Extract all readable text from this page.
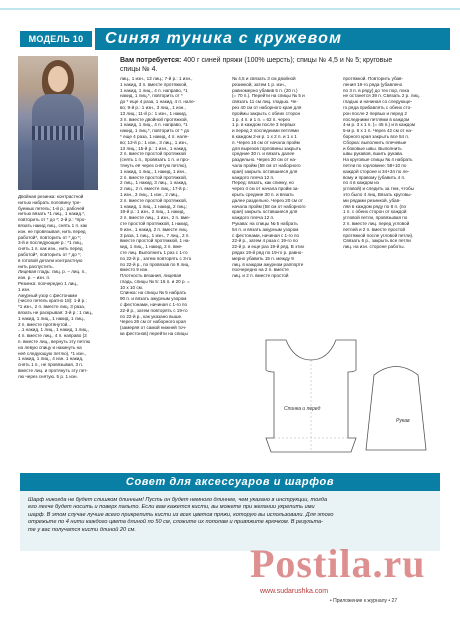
МОДЕЛЬ 10	Синяя туника с кружевом
Вам потребуется: 400 г синей пряжи (100% шерсть); спицы № 4,5 и № 5; круговые
спицы № 4.
Двойная резинка: контрастной
нитью набрать половину тре-
буемых петель; 1-й р.: рабочей
нитью вязать *1 лиц., 1 накид.*,
повторить от * до *; 2-й р.: *про-
вязать накид лиц., снять 1 п. как
изн. не провязывая, нить перед
работой*, повторить от * до *;
3-й и последующие р.: *1 лиц.,
снять 1 п. как изн., нить перед
работой*, повторить от * до *;
в готовой детали контрастную
нить распустить.
Лицевая гладь: лиц. р. – лиц. п.,
изн. р. – изн. п.
Резинка: поочередно 1 лиц.,
1 изн.
Ажурный узор с фестонами
(число петель кратно 18): 1-й р.:
*1 изн., 2 п. вместе лиц. 3 раза,
вязать не раскрывая: 3-й р.: 1 лиц.,
1 накид, 1 лиц., 1 накид, 1 лиц.,
2 п. вместе протянутой...
...1 накид, 1 лиц., 1 накид, 1 лиц.,
4 п. вместе лиц., 4 п. направо (3
п. вместе лиц., вернуть эту петлю
на левую спицу и накинуть на
неё следующую петлю), *1 изн.,
1 накид, 1 лиц., 4 изн. 1 накид,
снять 1 п., не провязывая, 3 п.
вместе лиц. и протянуть эту пет-
лю через снятую. 5 р. 1 изн.
лиц., 1 изн., 13 лиц.; 7-й р.: 1 изн.,
1 накид, 3 п. вместе протяжкой,
1 накид, 1 лиц., 4 п. направо, *1
накид, 1 лиц.*, повторить от *
до * еще 4 раза, 1 накид, 4 п. нале-
во; 9-й р.: 1 изн., 3 лиц., 1 изн.,
13 лиц.; 11-й р.: 1 изн., 1 накид,
3 п. вместе двойной протяжкой,
1 накид, 1 лиц., 4 п. направо, *1
накид, 1 лиц.*, повторить от * до
* еще 4 раза, 1 накид, 4 п. нале-
во; 13-й р.: 1 изн., 3 лиц., 1 изн.,
13 лиц.; 15-й р.: 1 изн., 1 накид,
2 п. вместе простой протяжкой
(снять 1 п., провязать 1 п. и про-
тянуть её через снятую петлю),
1 накид, 1 лиц., 1 накид, 1 изн.,
2 п. вместе простой протяжкой,
2 лиц., 1 накид, 3 лиц., 1 накид,
2 лиц., 2 п. вместе лиц.; 17-й р.:
1 изн., 3 лиц., 1 изн., 2 лиц.,
2 п. вместе простой протяжкой,
1 накид, 1 лиц., 1 накид, 2 лиц.;
19-й р.: 1 изн., 2 лиц., 1 накид,
2 п. вместе лиц., 1 изн., 2 п. вме-
сте простой протяжкой, 1 накид,
9 изн., 1 накид, 2 п. вместе лиц.
3 раза, 1 лиц., 1 изн., 7 лиц., 2 п.
вместе простой протяжкой, 1 на-
кид, 1 лиц., 1 накид, 2 п. вме-
сте лиц. Выполнить 1 раз с 1-го
по 22-й р., затем повторять с 3-го
по 22-й р., по провязав по 9 лиц.
вместо 9 изн.
Плотность вязания, лицевая
гладь, спицы № 5: 16 п. и 20 р. =
10 х 10 см.
Спинка: на спицы № 5 набрать
90 п. и вязать ажурным узором
с фестонами, начиная с 1-го по
22-й р., затем повторять с 19-го
по 22-й р., как указано выше.
Через 26 см от наборного края
(замеряя от самой нижней точ-
ки фестонов) перейти на спицы
№ 4,5 и связать 3 см двойной
резинкой, затем 1 р. изн.,
равномерно убавив 5 п. (20 п.)
(= 70 п.). Перейти на спицы № 5 и
связать 11 см лиц. гладью. Че-
рез 40 см от наборного края для
проймы закрыть с обеих сторон
1 р. 4 п. и 1 п. = 62 п. через
1 р. в каждом после 3 первых
и перед 2 последними петлями
в каждом 2-м р. 1 х 2 п. и 1 х 1
п. Через 16 см от начала пройм
для вырезов горловины закрыть
средние 30 п. и вязать далее
раздельно. Через 20 см от на-
чала пройм (58 см от наборного
края) закрыть оставшиеся для
каждого плеча 12 п.
Перед: вязать, как спинку, но
через 4 см от начала пройм за-
крыть средние 30 п. и вязать
далее раздельно. Через 20 см от
начала пройм (58 см от наборного
края) закрыть оставшиеся для
каждого плеча 12 п.
Рукава: на спицы № 5 набрать
54 п. и вязать ажурным узором
с фестонами, начиная с 1-го по
22-й р., затем 4 раза с 19-го по
22-й р. и еще раз 19-й ряд. В этих
рядах 19-й ряд по 19-го р. равно-
мерно убавить 15 п. между 9
лиц. в каждом ажурном раппорте
поочередно на 2 п. вместе
лиц. и 2 п. вместе простой
протяжкой. Повторить убав-
ления 19-го ряда (убавлено
по 3 п. в ряду) до тех пор, пока
не останется 39 п. Связать 2 р. лиц.
гладью и начиная со следующе-
го ряда прибавлять с обеих сто-
рон после 2 первых и перед 2
последними петлями в каждом
4-м р. 3 х 1 п. (= 45 п.) и в каждом
5-м р. 6 х 1 п. Через 42 см от на-
борного края закрыть все 54 п.
Сборка: выполнить плечевые
и боковые швы. Выполнить
швы рукавов, вшить рукава.
На круговые спицы № 4 набрать
петли по горловине: 58+10 по
каждой стороне и 34+34 по ле-
вому и правому (убавить 4 п.
по 4 в каждом из
угловой) и следить за тем, чтобы
это было 4 лиц. Вязать круговы-
ми рядами резинкой, убав-
ляя в каждом ряду по 8 п. (по
1 п. с обеих сторон от каждой
угловой петли, провязывая по
2 п. вместе лиц. перед угловой
петлей и 2 п. вместе простой
протяжкой после угловой петли).
Связать 6 р., закрыть все петли
лиц. на изн. стороне работы.
Спинка и перед
Рукав
Совет для аксессуаров и шарфов
Шарф никогда не будет слишком длинным! Пусть он будет немного длиннее, чем указано в инструкции, тогда
его легче будет носить и поверх пальто. Если вам кажется кисти, вы можете при желании укрепить ими
шарф. В этом случае лучше всего прикрепить кисти из всех цветов пряжи, которую вы использовали. Для этого
отрежьте по 4 нити каждого цвета длиной по 50 см, сложите их пополам и привяжите крючком. В результа-
те у вас получатся кисти длиной 20 см.
Postila.ru
www.sudarushka.com
• Приложение к журналу • 27
